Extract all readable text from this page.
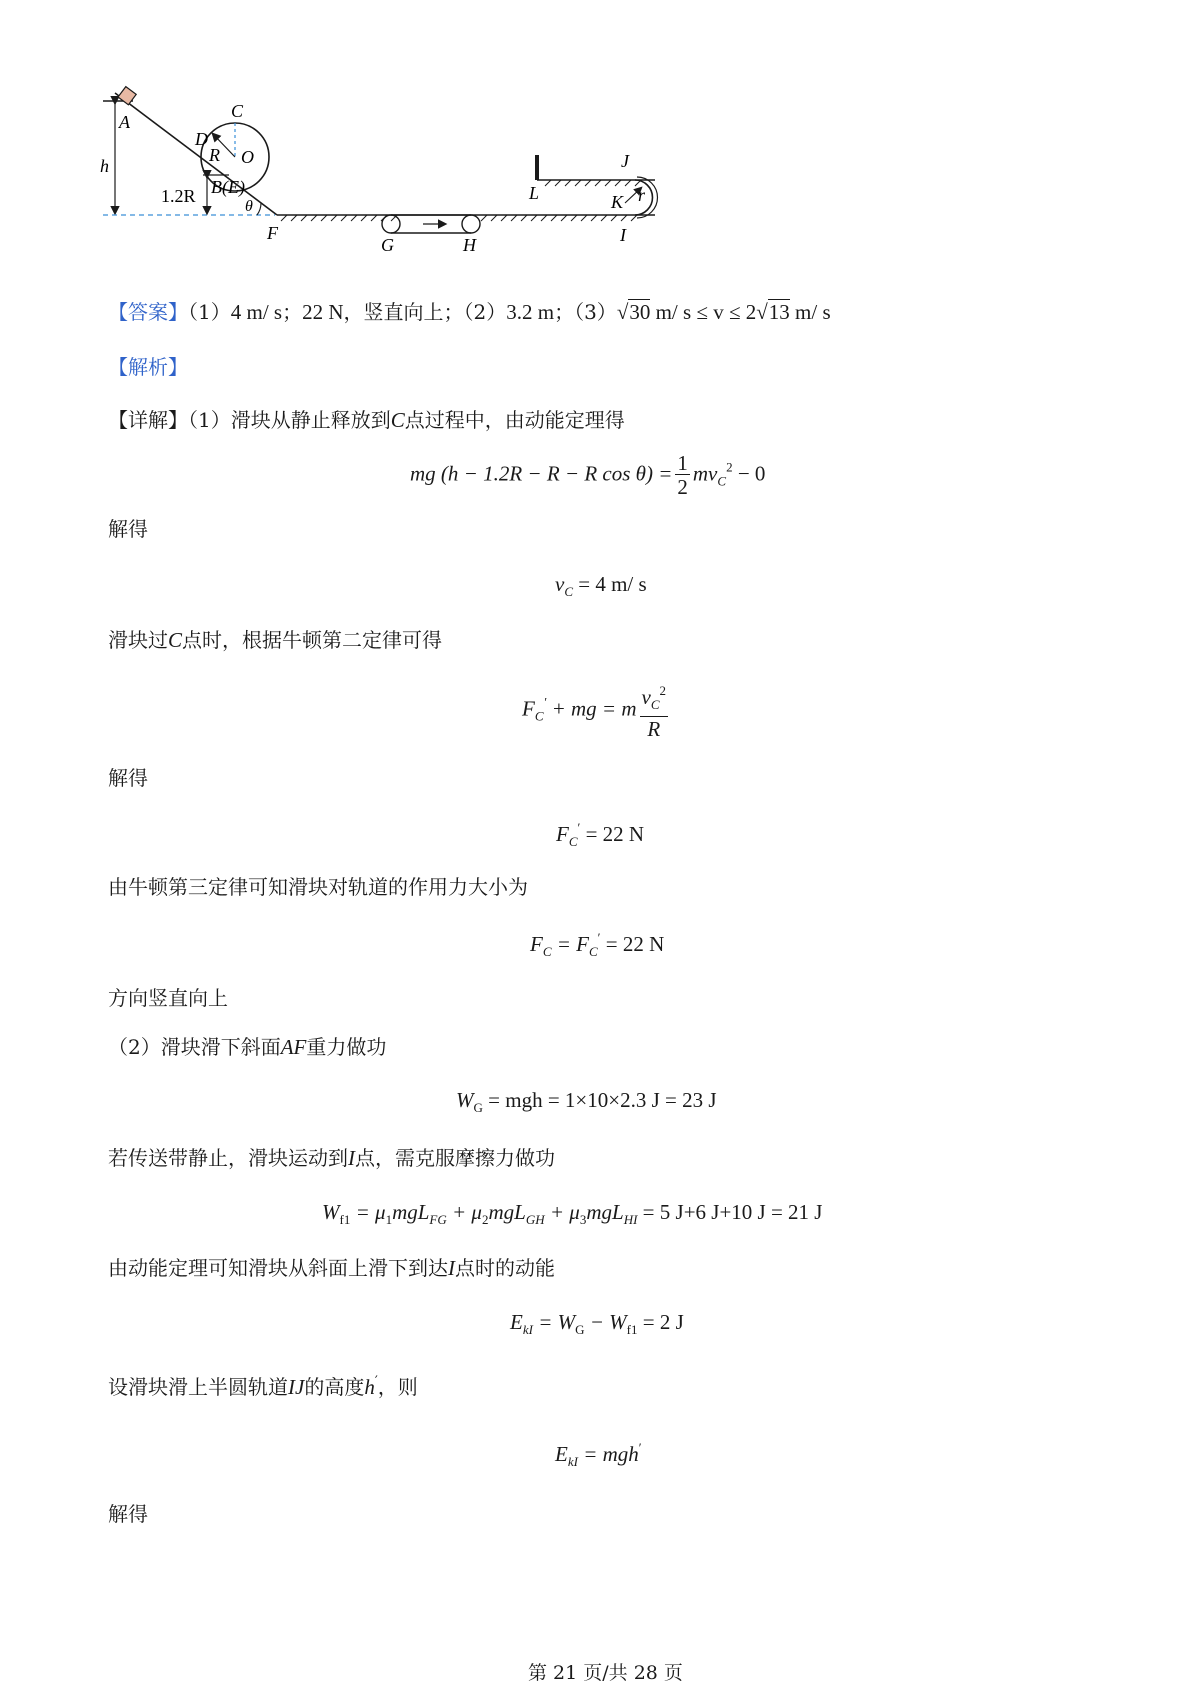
A
h
C
D
R O
B(E)
1.2R
θ
F
G	H
L
J
K r
I
【答案】（1）4 m/ s；22 N，竖直向上；（2）3.2 m；（3）√30 m/ s ≤ v ≤ 2√13 m/ s
【解析】
【详解】（1）滑块从静止释放到C点过程中，由动能定理得
mg (h − 1.2R − R − R $\cos \theta) = \frac{1}{2} mv_C^2 - 0$
解得
$v_C = 4$ m/ s
滑块过C点时，根据牛顿第二定律可得
$F_C'$ + mg = m $\frac{v_C^2}{R}$
解得
$F_C' = 22$ N
由牛顿第三定律可知滑块对轨道的作用力大小为
$F_C = F_C' = 22$ N
方向竖直向上
（2）滑块滑下斜面AF重力做功
$W_G$ = mgh = 1×10×2.3 J = 23 J
若传送带静止，滑块运动到I点，需克服摩擦力做功
$W_{f1} = \mu_1mgL_{FG} + \mu_2mgL_{GH} + \mu_3mgL_{HI} = 5$ J+6 J+10 J = 21 J
由动能定理可知滑块从斜面上滑下到达I点时的动能
$E_{kI} = W_G - W_{f1} = 2$ J
设滑块滑上半圆轨道IJ的高度h′，则
$E_{kI} = mgh'$
解得
第 21 页/共 28 页
